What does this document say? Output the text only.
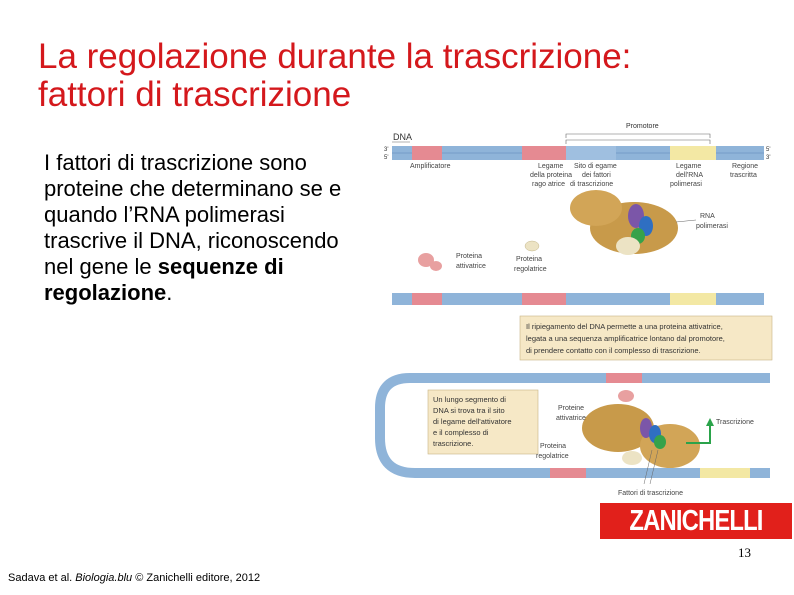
La regolazione durante la trascrizione:
fattori di trascrizione
I fattori di trascrizione sono proteine che determinano se e quando l’RNA polimerasi trascrive il DNA, riconoscendo nel gene le sequenze di regolazione.
DNA
3'
5'
5'
3'
Promotore
Amplificatore	Legame
della proteina
rago atrice
Sito di egame
dei fattori
di trascrizione
Legame
dell'RNA
polimerasi
Regione
trascritta
RNA
polimerasi
Proteina
attivatrice
Proteina
regolatrice
Il ripiegamento del DNA permette a una proteina attivatrice,
legata a una sequenza amplificatrice lontano dal promotore,
di prendere contatto con il complesso di trascrizione.
Un lungo segmento di
DNA si trova tra il sito
di legame dell'attivatore
e il complesso di
trascrizione.
Proteine
attivatrice
Proteina
regolatrice
Trascrizione
Fattori di trascrizione
ZANICHELLI
13
Sadava et al. Biologia.blu © Zanichelli editore, 2012
